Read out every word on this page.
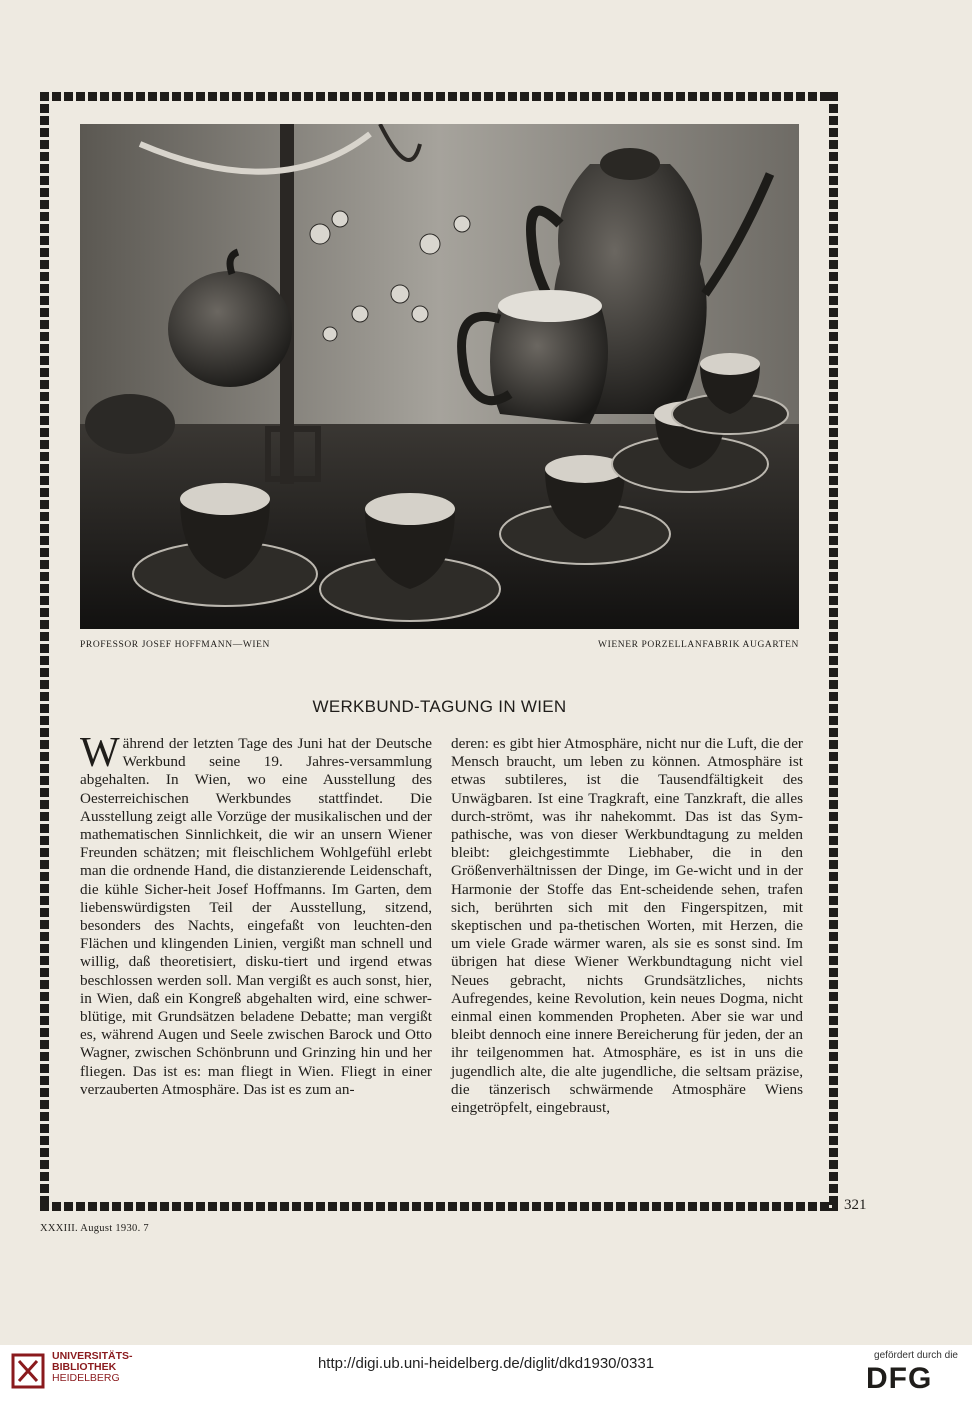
PROFESSOR JOSEF HOFFMANN—WIEN	WIENER PORZELLANFABRIK AUGARTEN
WERKBUND-TAGUNG IN WIEN

Während der letzten Tage des Juni hat der Deutsche Werkbund seine 19. Jahres-versammlung abgehalten. In Wien, wo eine Ausstellung des Oesterreichischen Werkbundes stattfindet. Die Ausstellung zeigt alle Vorzüge der musikalischen und der mathematischen Sinnlichkeit, die wir an unsern Wiener Freunden schätzen; mit fleischlichem Wohlgefühl erlebt man die ordnende Hand, die distanzierende Leidenschaft, die kühle Sicher-heit Josef Hoffmanns. Im Garten, dem liebenswürdigsten Teil der Ausstellung, sitzend, besonders des Nachts, eingefaßt von leuchten-den Flächen und klingenden Linien, vergißt man schnell und willig, daß theoretisiert, disku-tiert und irgend etwas beschlossen werden soll. Man vergißt es auch sonst, hier, in Wien, daß ein Kongreß abgehalten wird, eine schwer-blütige, mit Grundsätzen beladene Debatte; man vergißt es, während Augen und Seele zwischen Barock und Otto Wagner, zwischen Schönbrunn und Grinzing hin und her fliegen. Das ist es: man fliegt in Wien. Fliegt in einer verzauberten Atmosphäre. Das ist es zum an-

deren: es gibt hier Atmosphäre, nicht nur die Luft, die der Mensch braucht, um leben zu können. Atmosphäre ist etwas subtileres, ist die Tausendfältigkeit des Unwägbaren. Ist eine Tragkraft, eine Tanzkraft, die alles durch-strömt, was ihr nahekommt. Das ist das Sym-pathische, was von dieser Werkbundtagung zu melden bleibt: gleichgestimmte Liebhaber, die in den Größenverhältnissen der Dinge, im Ge-wicht und in der Harmonie der Stoffe das Ent-scheidende sehen, trafen sich, berührten sich mit den Fingerspitzen, mit skeptischen und pa-thetischen Worten, mit Herzen, die um viele Grade wärmer waren, als sie es sonst sind. Im übrigen hat diese Wiener Werkbundtagung nicht viel Neues gebracht, nichts Grundsätzliches, nichts Aufregendes, keine Revolution, kein neues Dogma, nicht einmal einen kommenden Propheten. Aber sie war und bleibt dennoch eine innere Bereicherung für jeden, der an ihr teilgenommen hat. Atmosphäre, es ist in uns die jugendlich alte, die alte jugendliche, die seltsam präzise, die tänzerisch schwärmende Atmosphäre Wiens eingetröpfelt, eingebraust,

321
XXXIII. August 1930. 7
UNIVERSITÄTS-
BIBLIOTHEK
HEIDELBERG
http://digi.ub.uni-heidelberg.de/diglit/dkd1930/0331	gefördert durch die
DFG
